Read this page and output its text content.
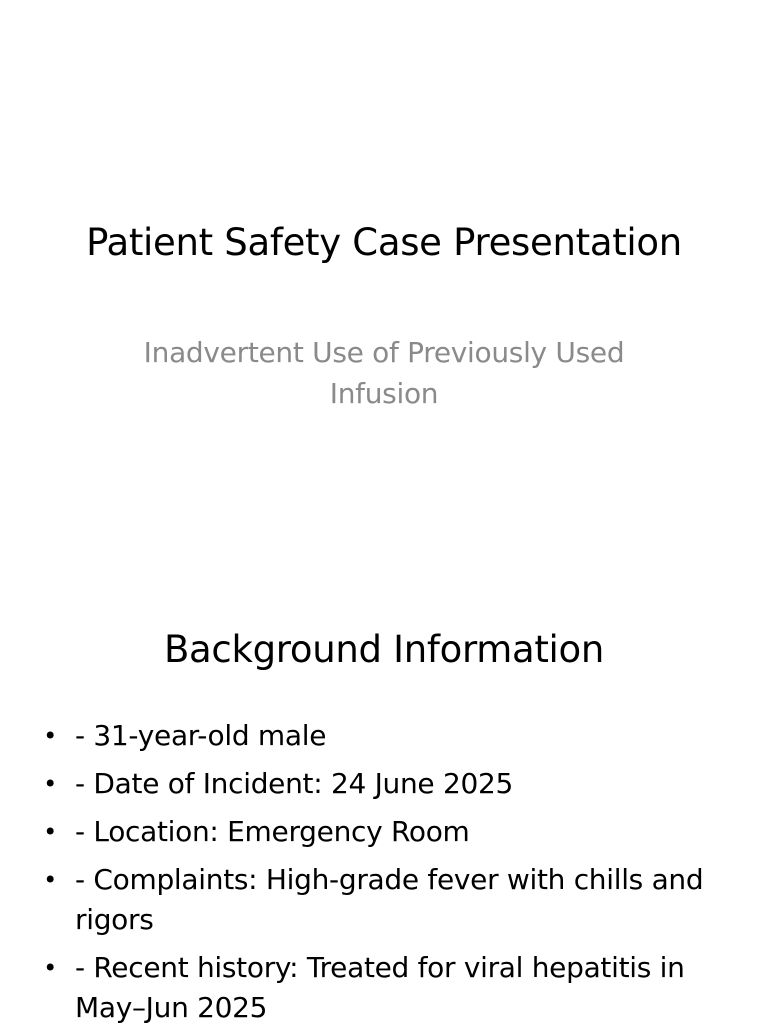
Patient Safety Case Presentation
Inadvertent Use of Previously Used Infusion
Background Information
• - 31-year-old male
• - Date of Incident: 24 June 2025
• - Location: Emergency Room
• - Complaints: High-grade fever with chills and rigors
• - Recent history: Treated for viral hepatitis in May–Jun 2025
